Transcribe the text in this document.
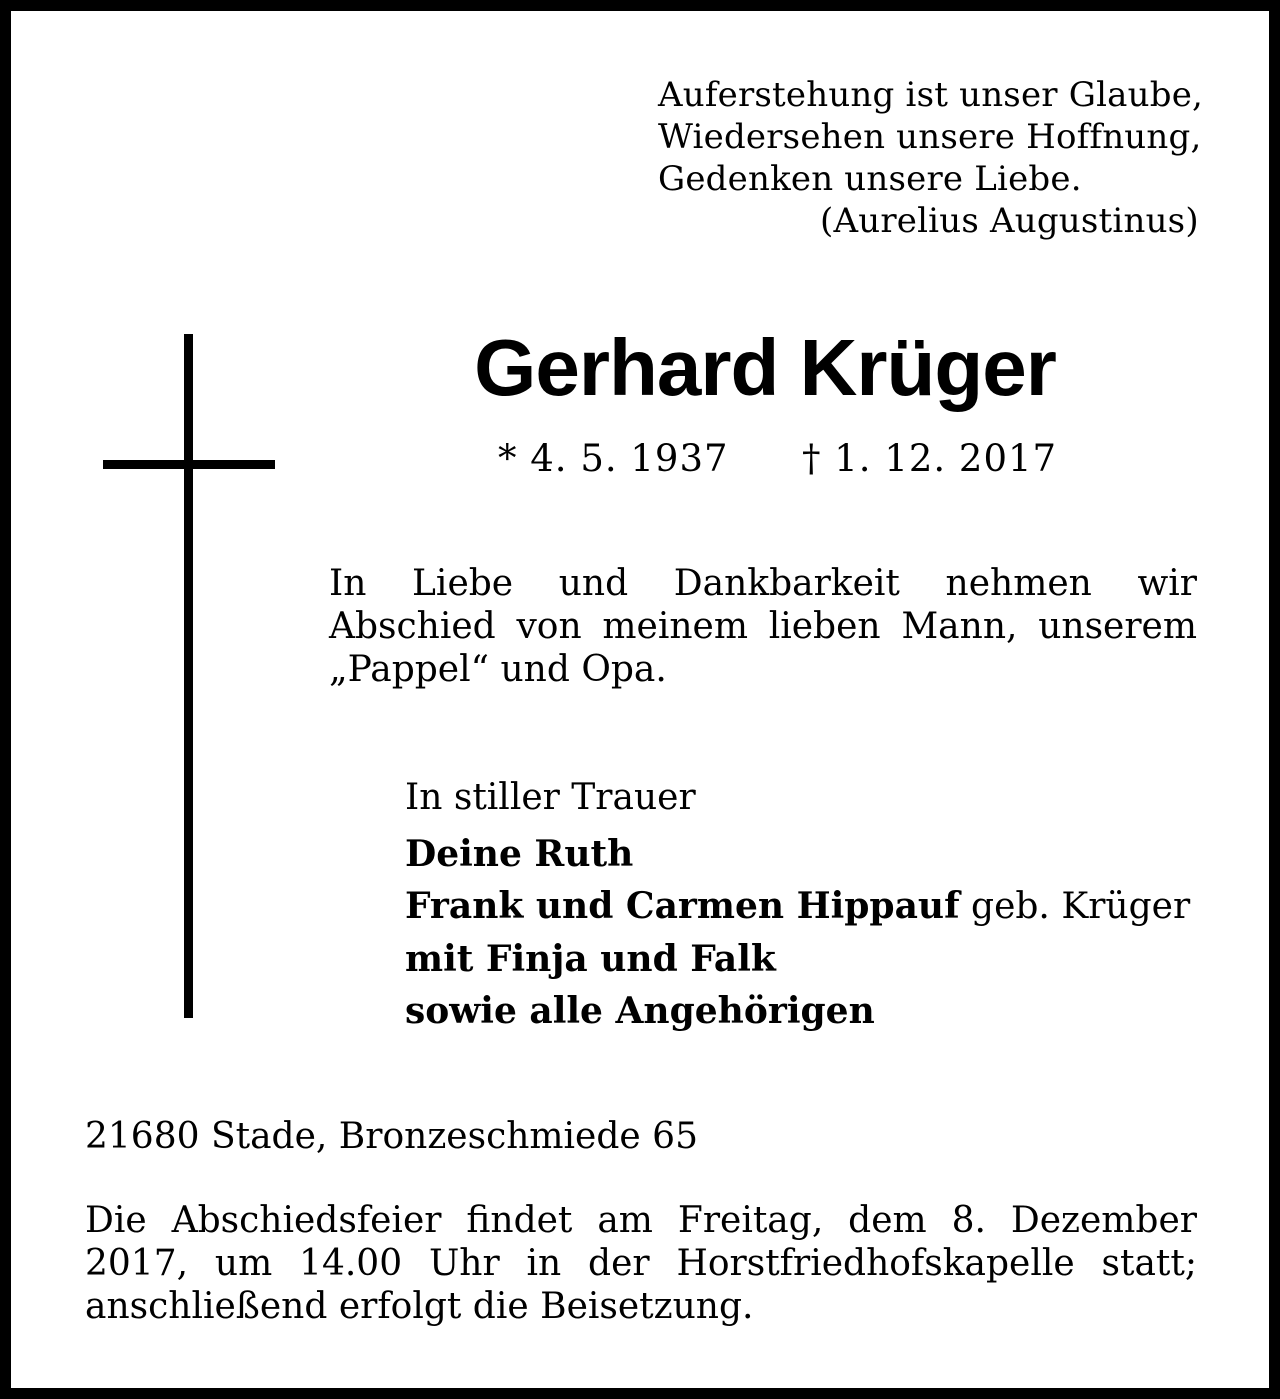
Auferstehung ist unser Glaube,
Wiedersehen unsere Hoffnung,
Gedenken unsere Liebe.
(Aurelius Augustinus)
Gerhard Krüger
* 4. 5. 1937 † 1. 12. 2017
In Liebe und Dankbarkeit nehmen wir Abschied von meinem lieben Mann, unserem „Pappel“ und Opa.
In stiller Trauer
Deine Ruth
Frank und Carmen Hippauf geb. Krüger
mit Finja und Falk
sowie alle Angehörigen
21680 Stade, Bronzeschmiede 65
Die Abschiedsfeier findet am Freitag, dem 8. Dezember 2017, um 14.00 Uhr in der Horstfriedhofskapelle statt; anschließend erfolgt die Beisetzung.
